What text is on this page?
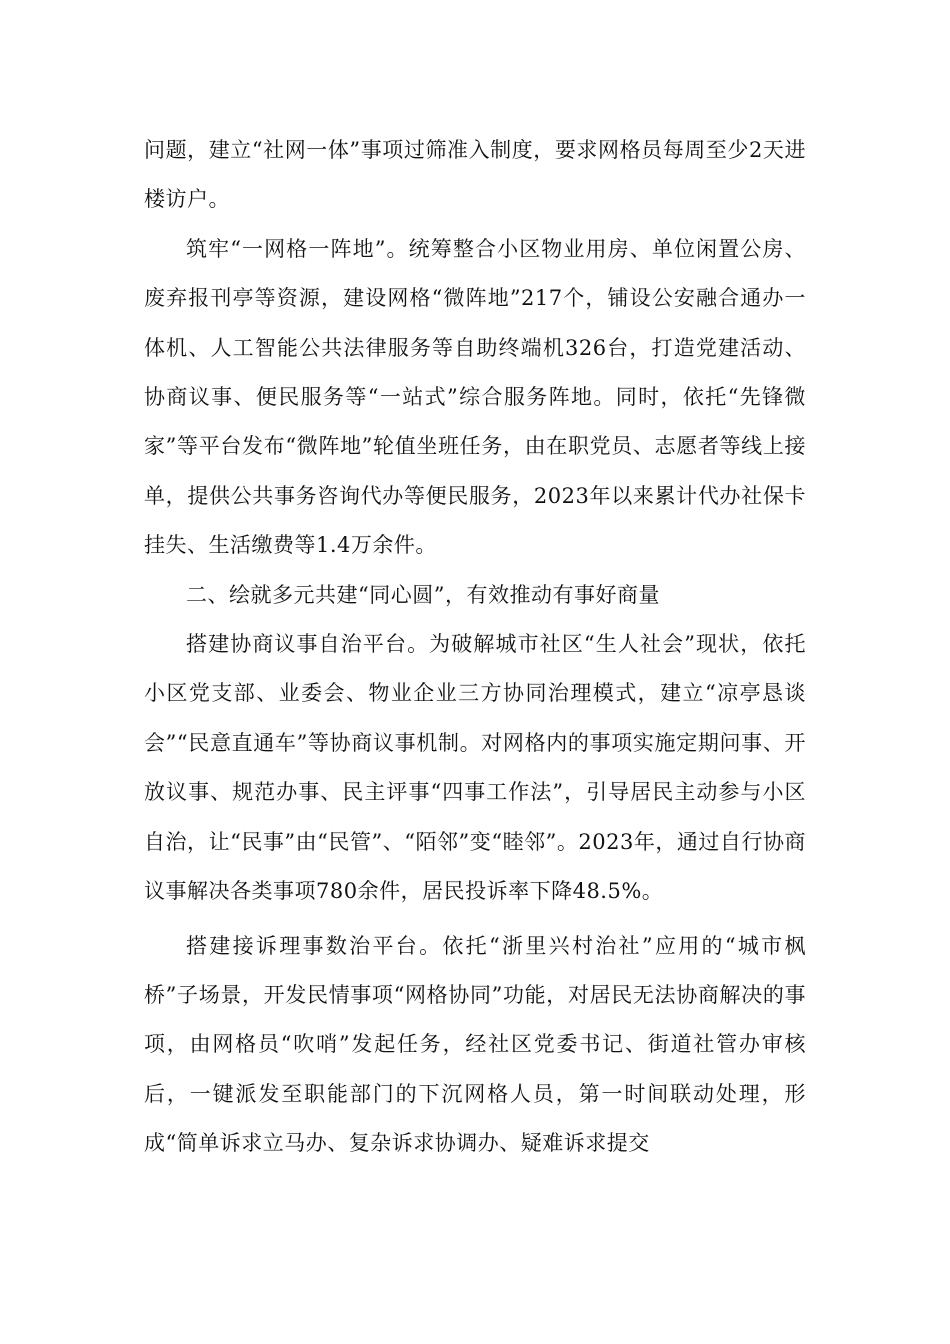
问题，建立“社网一体”事项过筛准入制度，要求网格员每周至少2天进楼访户。

筑牢“一网格一阵地”。统筹整合小区物业用房、单位闲置公房、废弃报刊亭等资源，建设网格“微阵地”217个，铺设公安融合通办一体机、人工智能公共法律服务等自助终端机326台，打造党建活动、协商议事、便民服务等“一站式”综合服务阵地。同时，依托“先锋微家”等平台发布“微阵地”轮值坐班任务，由在职党员、志愿者等线上接单，提供公共事务咨询代办等便民服务，2023年以来累计代办社保卡挂失、生活缴费等1.4万余件。

二、绘就多元共建“同心圆”，有效推动有事好商量

搭建协商议事自治平台。为破解城市社区“生人社会”现状，依托小区党支部、业委会、物业企业三方协同治理模式，建立“凉亭恳谈会”“民意直通车”等协商议事机制。对网格内的事项实施定期问事、开放议事、规范办事、民主评事“四事工作法”，引导居民主动参与小区自治，让“民事”由“民管”、“陌邻”变“睦邻”。2023年，通过自行协商议事解决各类事项780余件，居民投诉率下降48.5%。

搭建接诉理事数治平台。依托“浙里兴村治社”应用的“城市枫桥”子场景，开发民情事项“网格协同”功能，对居民无法协商解决的事项，由网格员“吹哨”发起任务，经社区党委书记、街道社管办审核后，一键派发至职能部门的下沉网格人员，第一时间联动处理，形成“简单诉求立马办、复杂诉求协调办、疑难诉求提交
